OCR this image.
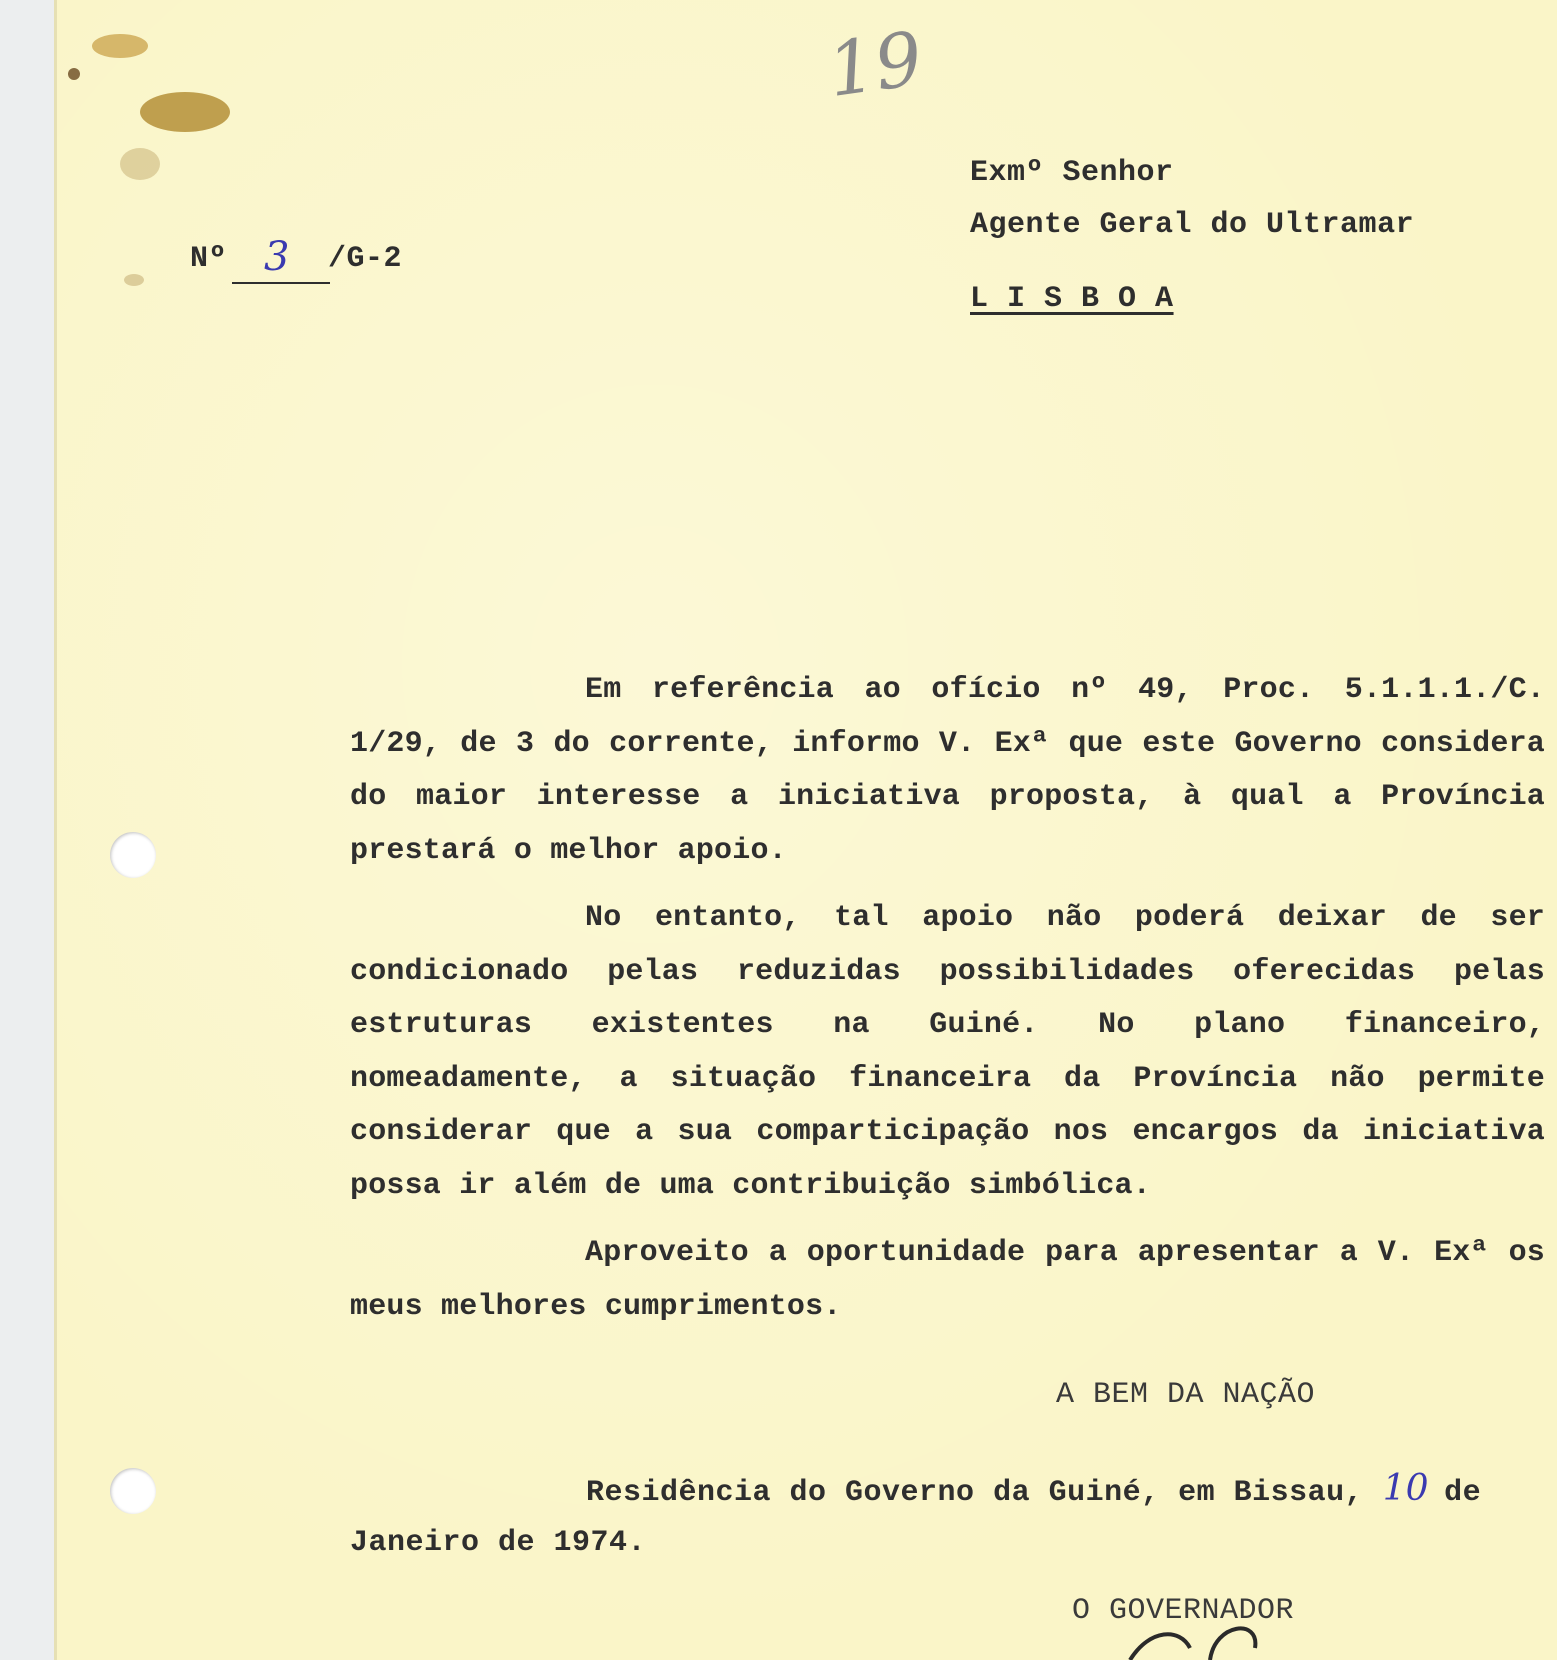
19
Nº 3 /G-2
Exmº Senhor
Agente Geral do Ultramar
L I S B O A

Em referência ao ofício nº 49, Proc. 5.1.1.1./C. 1/29, de 3 do corrente, informo V. Exª que este Governo considera do maior interesse a iniciativa proposta, à qual a Província prestará o melhor apoio.

No entanto, tal apoio não poderá deixar de ser condicionado pelas reduzidas possibilidades oferecidas pelas estruturas existentes na Guiné. No plano financeiro, nomeadamente, a situação financeira da Província não permite considerar que a sua comparticipação nos encargos da iniciativa possa ir além de uma contribuição simbólica.

Aproveito a oportunidade para apresentar a V. Exª os meus melhores cumprimentos.

A BEM DA NAÇÃO
Residência do Governo da Guiné, em Bissau, 10 de
Janeiro de 1974.
O GOVERNADOR
